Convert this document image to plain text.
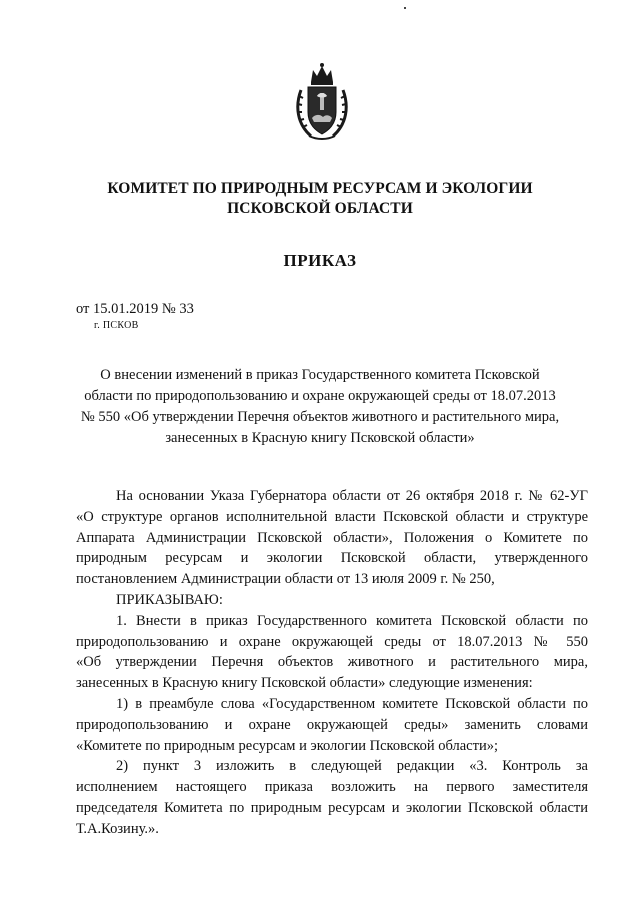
КОМИТЕТ ПО ПРИРОДНЫМ РЕСУРСАМ И ЭКОЛОГИИ
ПСКОВСКОЙ ОБЛАСТИ
ПРИКАЗ
от 15.01.2019 № 33
г. ПСКОВ
О внесении изменений в приказ Государственного комитета Псковской
области по природопользованию и охране окружающей среды от 18.07.2013
№ 550 «Об утверждении Перечня объектов животного и растительного мира,
занесенных в Красную книгу Псковской области»
На основании Указа Губернатора области от 26 октября 2018 г. № 62-УГ
«О структуре органов исполнительной власти Псковской области и структуре
Аппарата Администрации Псковской области», Положения о Комитете по
природным ресурсам и экологии Псковской области, утвержденного
постановлением Администрации области от 13 июля 2009 г. № 250,
ПРИКАЗЫВАЮ:
1. Внести в приказ Государственного комитета Псковской области по
природопользованию и охране окружающей среды от 18.07.2013 № 550
«Об утверждении Перечня объектов животного и растительного мира,
занесенных в Красную книгу Псковской области» следующие изменения:
1) в преамбуле слова «Государственном комитете Псковской области по
природопользованию и охране окружающей среды» заменить словами
«Комитете по природным ресурсам и экологии Псковской области»;
2) пункт 3 изложить в следующей редакции «3. Контроль за
исполнением настоящего приказа возложить на первого заместителя
председателя Комитета по природным ресурсам и экологии Псковской области
Т.А.Козину.».
